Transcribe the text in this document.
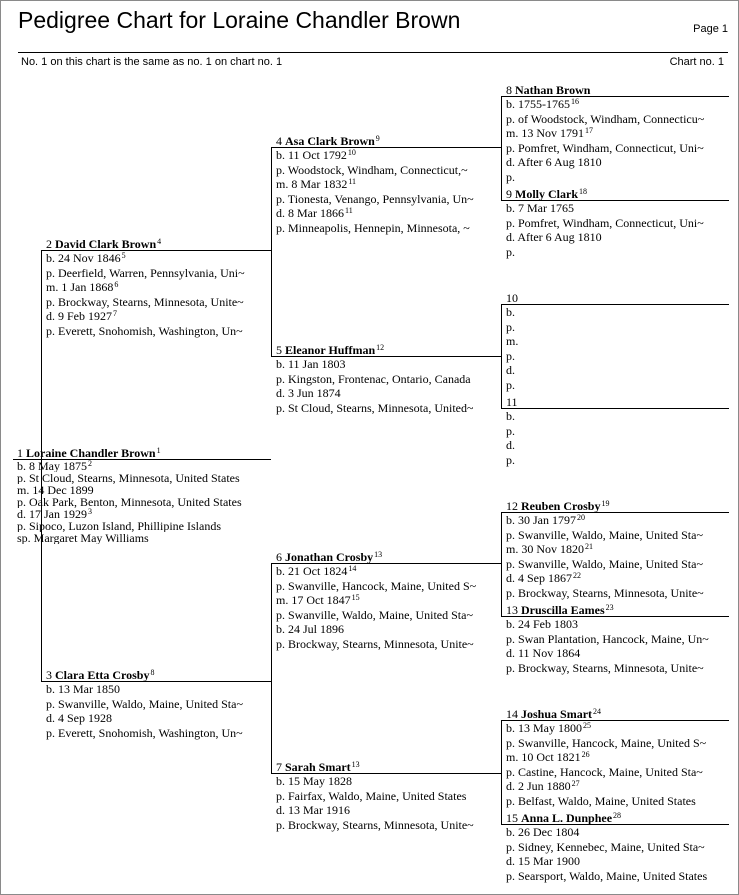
Pedigree Chart for Loraine Chandler Brown	Page 1
No. 1 on this chart is the same as no. 1 on chart no. 1	Chart no. 1
1 Loraine Chandler Brown$^1$
b. 8 May 1875$^2$
p. St Cloud, Stearns, Minnesota, United States
m. 14 Dec 1899
p. Oak Park, Benton, Minnesota, United States
d. 17 Jan 1929$^3$
p. Sipoco, Luzon Island, Phillipine Islands
sp. Margaret May Williams
2 David Clark Brown$^4$
b. 24 Nov 1846$^5$
p. Deerfield, Warren, Pennsylvania, Uni~
m. 1 Jan 1868$^6$
p. Brockway, Stearns, Minnesota, Unite~
d. 9 Feb 1927$^7$
p. Everett, Snohomish, Washington, Un~
3 Clara Etta Crosby$^8$
b. 13 Mar 1850
p. Swanville, Waldo, Maine, United Sta~
d. 4 Sep 1928
p. Everett, Snohomish, Washington, Un~
4 Asa Clark Brown$^9$
b. 11 Oct 1792$^{10}$
p. Woodstock, Windham, Connecticut,~
m. 8 Mar 1832$^{11}$
p. Tionesta, Venango, Pennsylvania, Un~
d. 8 Mar 1866$^{11}$
p. Minneapolis, Hennepin, Minnesota, ~
5 Eleanor Huffman$^{12}$
b. 11 Jan 1803
p. Kingston, Frontenac, Ontario, Canada
d. 3 Jun 1874
p. St Cloud, Stearns, Minnesota, United~
6 Jonathan Crosby$^{13}$
b. 21 Oct 1824$^{14}$
p. Swanville, Hancock, Maine, United S~
m. 17 Oct 1847$^{15}$
p. Swanville, Waldo, Maine, United Sta~
b. 24 Jul 1896
p. Brockway, Stearns, Minnesota, Unite~
7 Sarah Smart$^{13}$
b. 15 May 1828
p. Fairfax, Waldo, Maine, United States
d. 13 Mar 1916
p. Brockway, Stearns, Minnesota, Unite~
8 Nathan Brown
b. 1755-1765$^{16}$
p. of Woodstock, Windham, Connecticu~
m. 13 Nov 1791$^{17}$
p. Pomfret, Windham, Connecticut, Uni~
d. After 6 Aug 1810
p.
9 Molly Clark$^{18}$
b. 7 Mar 1765
p. Pomfret, Windham, Connecticut, Uni~
d. After 6 Aug 1810
p.
10
b.
p.
m.
p.
d.
p.
11
b.
p.
d.
p.
12 Reuben Crosby$^{19}$
b. 30 Jan 1797$^{20}$
p. Swanville, Waldo, Maine, United Sta~
m. 30 Nov 1820$^{21}$
p. Swanville, Waldo, Maine, United Sta~
d. 4 Sep 1867$^{22}$
p. Brockway, Stearns, Minnesota, Unite~
13 Druscilla Eames$^{23}$
b. 24 Feb 1803
p. Swan Plantation, Hancock, Maine, Un~
d. 11 Nov 1864
p. Brockway, Stearns, Minnesota, Unite~
14 Joshua Smart$^{24}$
b. 13 May 1800$^{25}$
p. Swanville, Hancock, Maine, United S~
m. 10 Oct 1821$^{26}$
p. Castine, Hancock, Maine, United Sta~
d. 2 Jun 1880$^{27}$
p. Belfast, Waldo, Maine, United States
15 Anna L. Dunphee$^{28}$
b. 26 Dec 1804
p. Sidney, Kennebec, Maine, United Sta~
d. 15 Mar 1900
p. Searsport, Waldo, Maine, United States
